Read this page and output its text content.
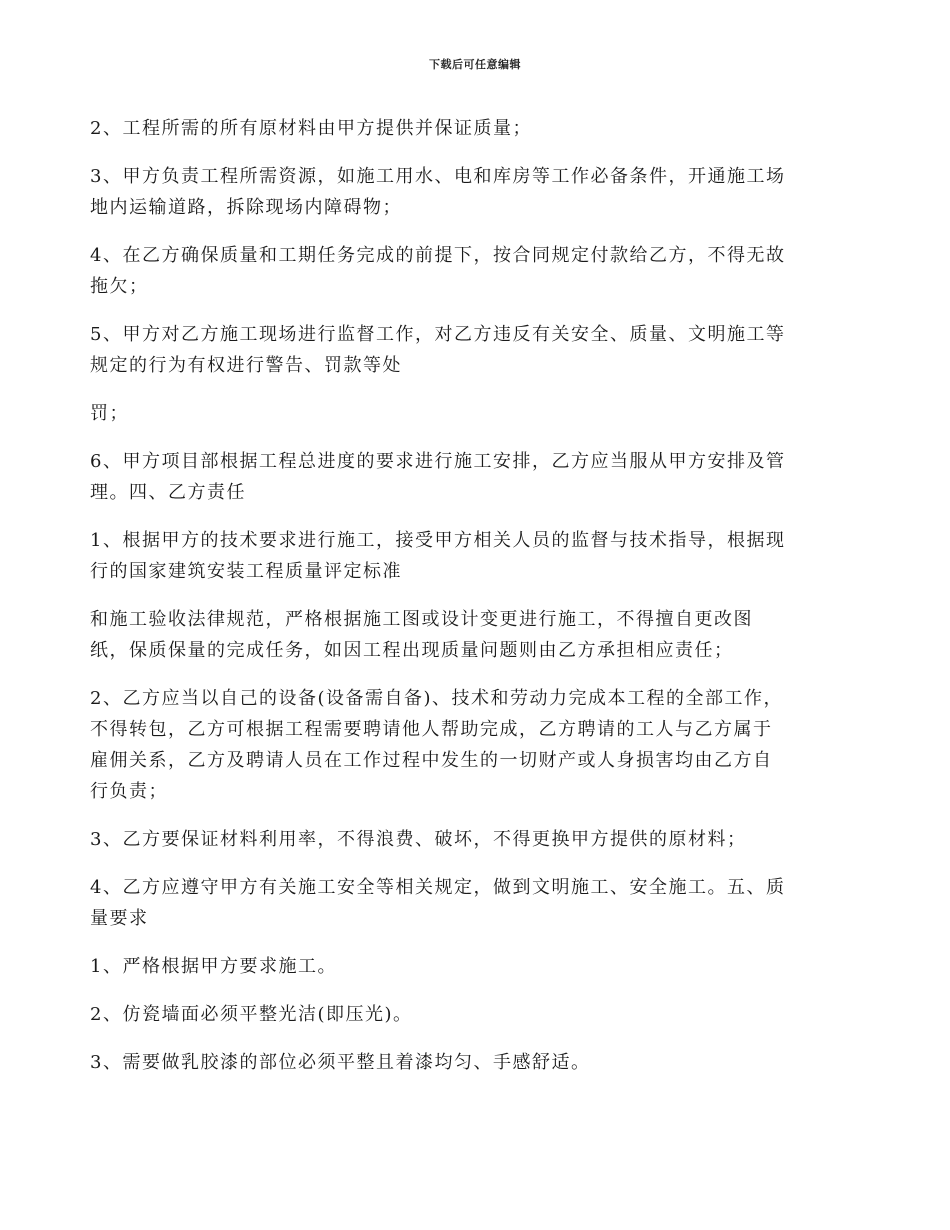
下载后可任意编辑

2、工程所需的所有原材料由甲方提供并保证质量；

3、甲方负责工程所需资源，如施工用水、电和库房等工作必备条件，开通施工场
地内运输道路，拆除现场内障碍物；

4、在乙方确保质量和工期任务完成的前提下，按合同规定付款给乙方，不得无故
拖欠；

5、甲方对乙方施工现场进行监督工作，对乙方违反有关安全、质量、文明施工等
规定的行为有权进行警告、罚款等处

罚；

6、甲方项目部根据工程总进度的要求进行施工安排，乙方应当服从甲方安排及管
理。四、乙方责任

1、根据甲方的技术要求进行施工，接受甲方相关人员的监督与技术指导，根据现
行的国家建筑安装工程质量评定标准

和施工验收法律规范，严格根据施工图或设计变更进行施工，不得擅自更改图
纸，保质保量的完成任务，如因工程出现质量问题则由乙方承担相应责任；

2、乙方应当以自己的设备(设备需自备)、技术和劳动力完成本工程的全部工作，
不得转包，乙方可根据工程需要聘请他人帮助完成，乙方聘请的工人与乙方属于
雇佣关系，乙方及聘请人员在工作过程中发生的一切财产或人身损害均由乙方自
行负责；

3、乙方要保证材料利用率，不得浪费、破坏，不得更换甲方提供的原材料；

4、乙方应遵守甲方有关施工安全等相关规定，做到文明施工、安全施工。五、质
量要求

1、严格根据甲方要求施工。

2、仿瓷墙面必须平整光洁(即压光)。

3、需要做乳胶漆的部位必须平整且着漆均匀、手感舒适。
